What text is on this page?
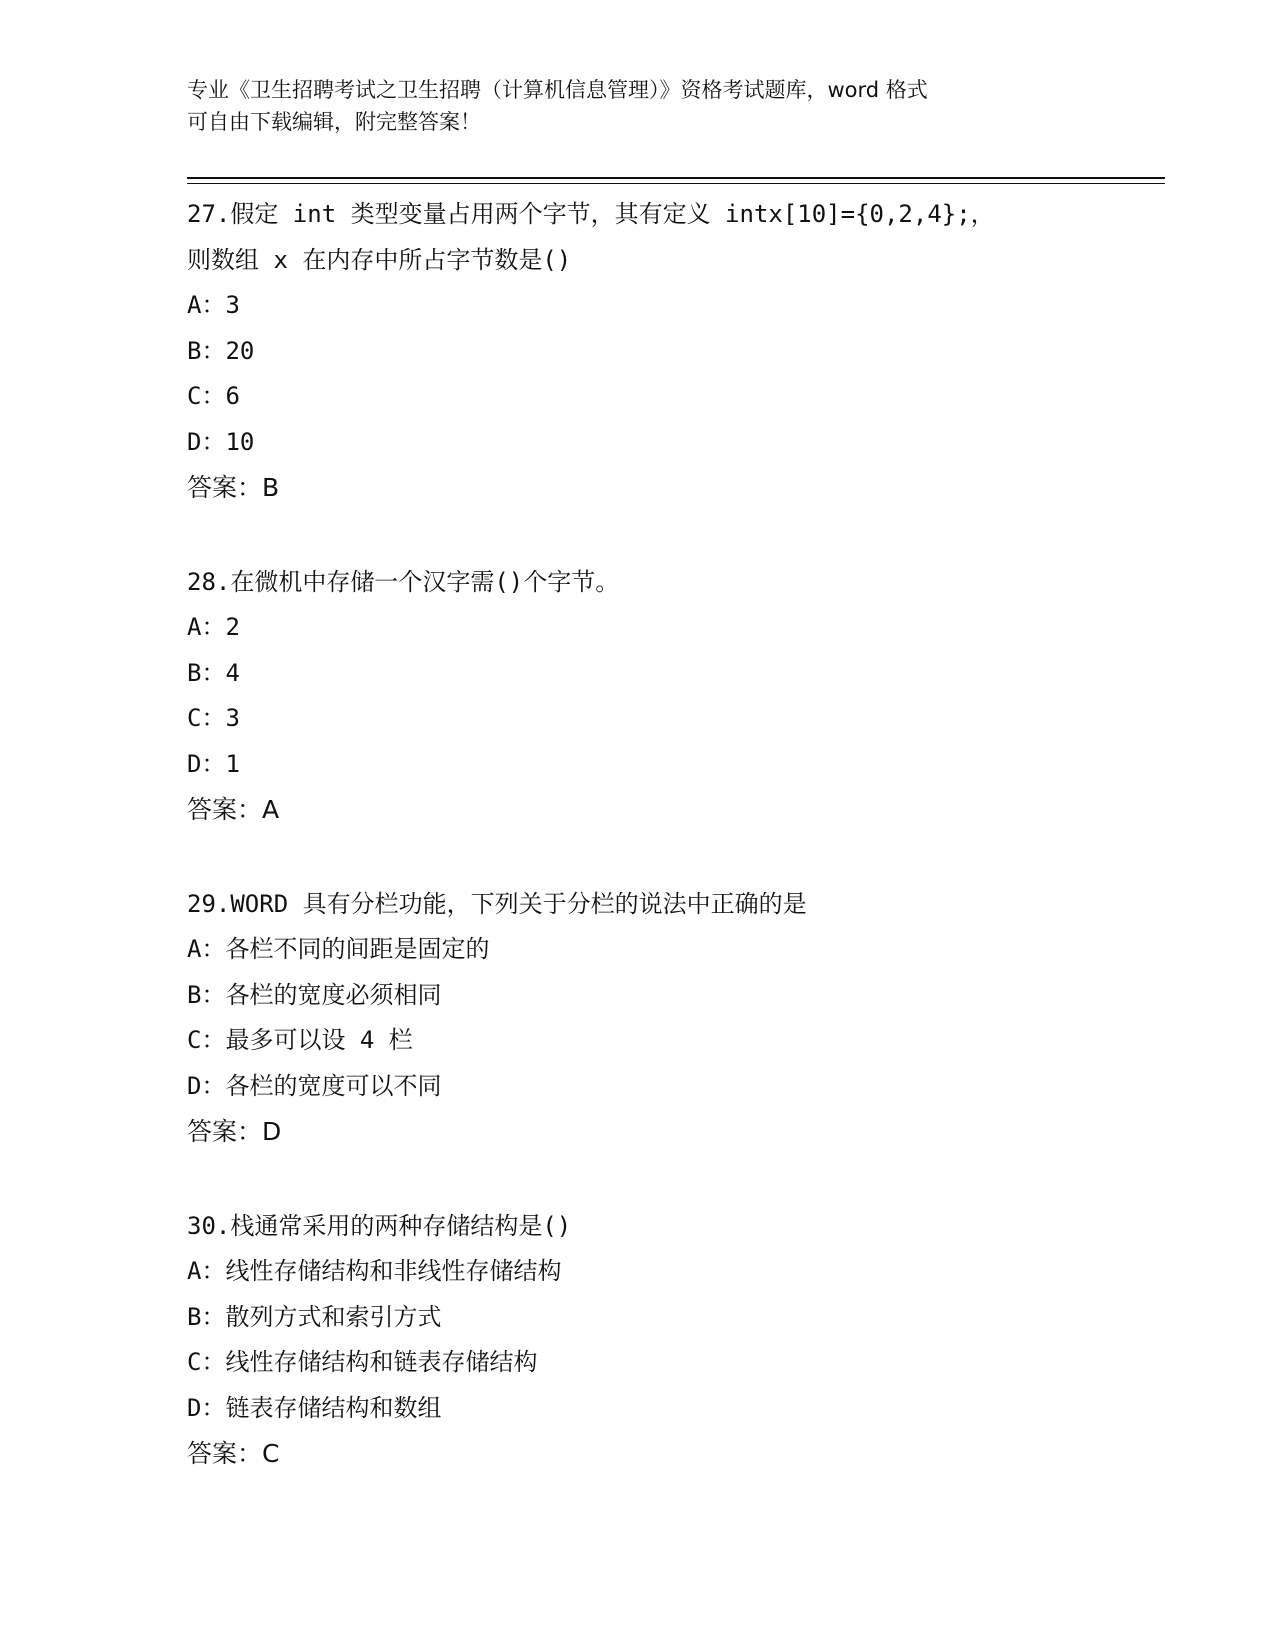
专业《卫生招聘考试之卫生招聘（计算机信息管理）》资格考试题库，word 格式
可自由下载编辑，附完整答案！
27.假定 int 类型变量占用两个字节，其有定义 intx[10]={0,2,4};，
则数组 x 在内存中所占字节数是()
A：3
B：20
C：6
D：10
答案：B
28.在微机中存储一个汉字需()个字节。
A：2
B：4
C：3
D：1
答案：A
29.WORD 具有分栏功能，下列关于分栏的说法中正确的是
A：各栏不同的间距是固定的
B：各栏的宽度必须相同
C：最多可以设 4 栏
D：各栏的宽度可以不同
答案：D
30.栈通常采用的两种存储结构是()
A：线性存储结构和非线性存储结构
B：散列方式和索引方式
C：线性存储结构和链表存储结构
D：链表存储结构和数组
答案：C
